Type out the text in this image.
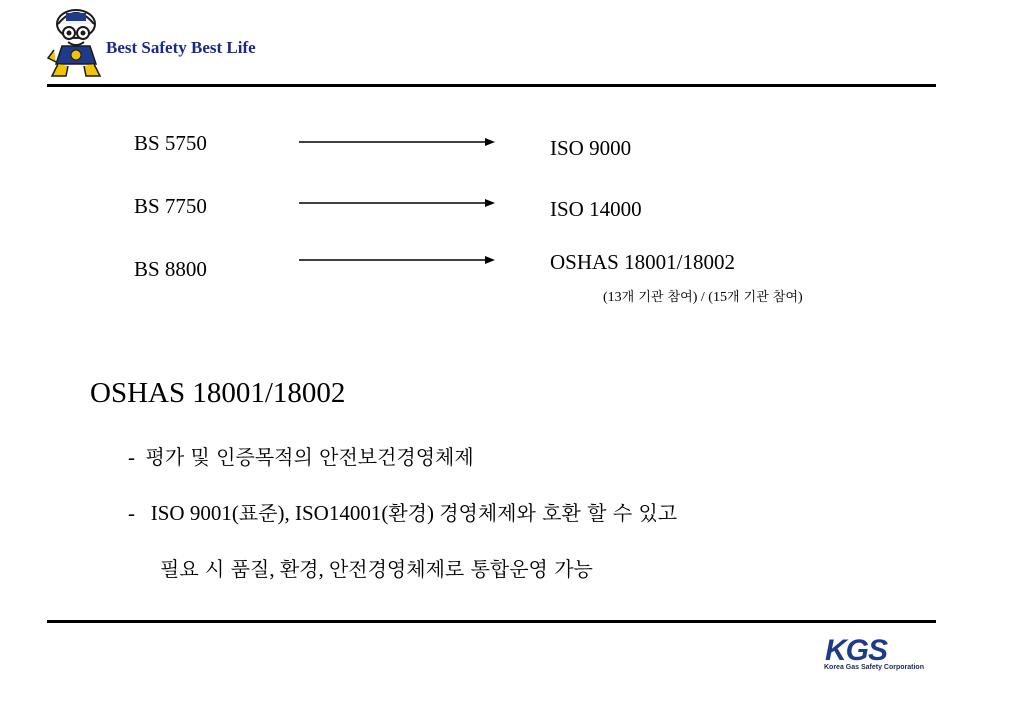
Best Safety Best Life
BS 5750	ISO 9000
BS 7750	ISO 14000
BS 8800	OSHAS 18001/18002
(13개 기관 참여) / (15개 기관 참여)
OSHAS 18001/18002
- 평가 및 인증목적의 안전보건경영체제
- ISO 9001(표준), ISO14001(환경) 경영체제와 호환 할 수 있고
필요 시 품질, 환경, 안전경영체제로 통합운영 가능
KGS
Korea Gas Safety Corporation
